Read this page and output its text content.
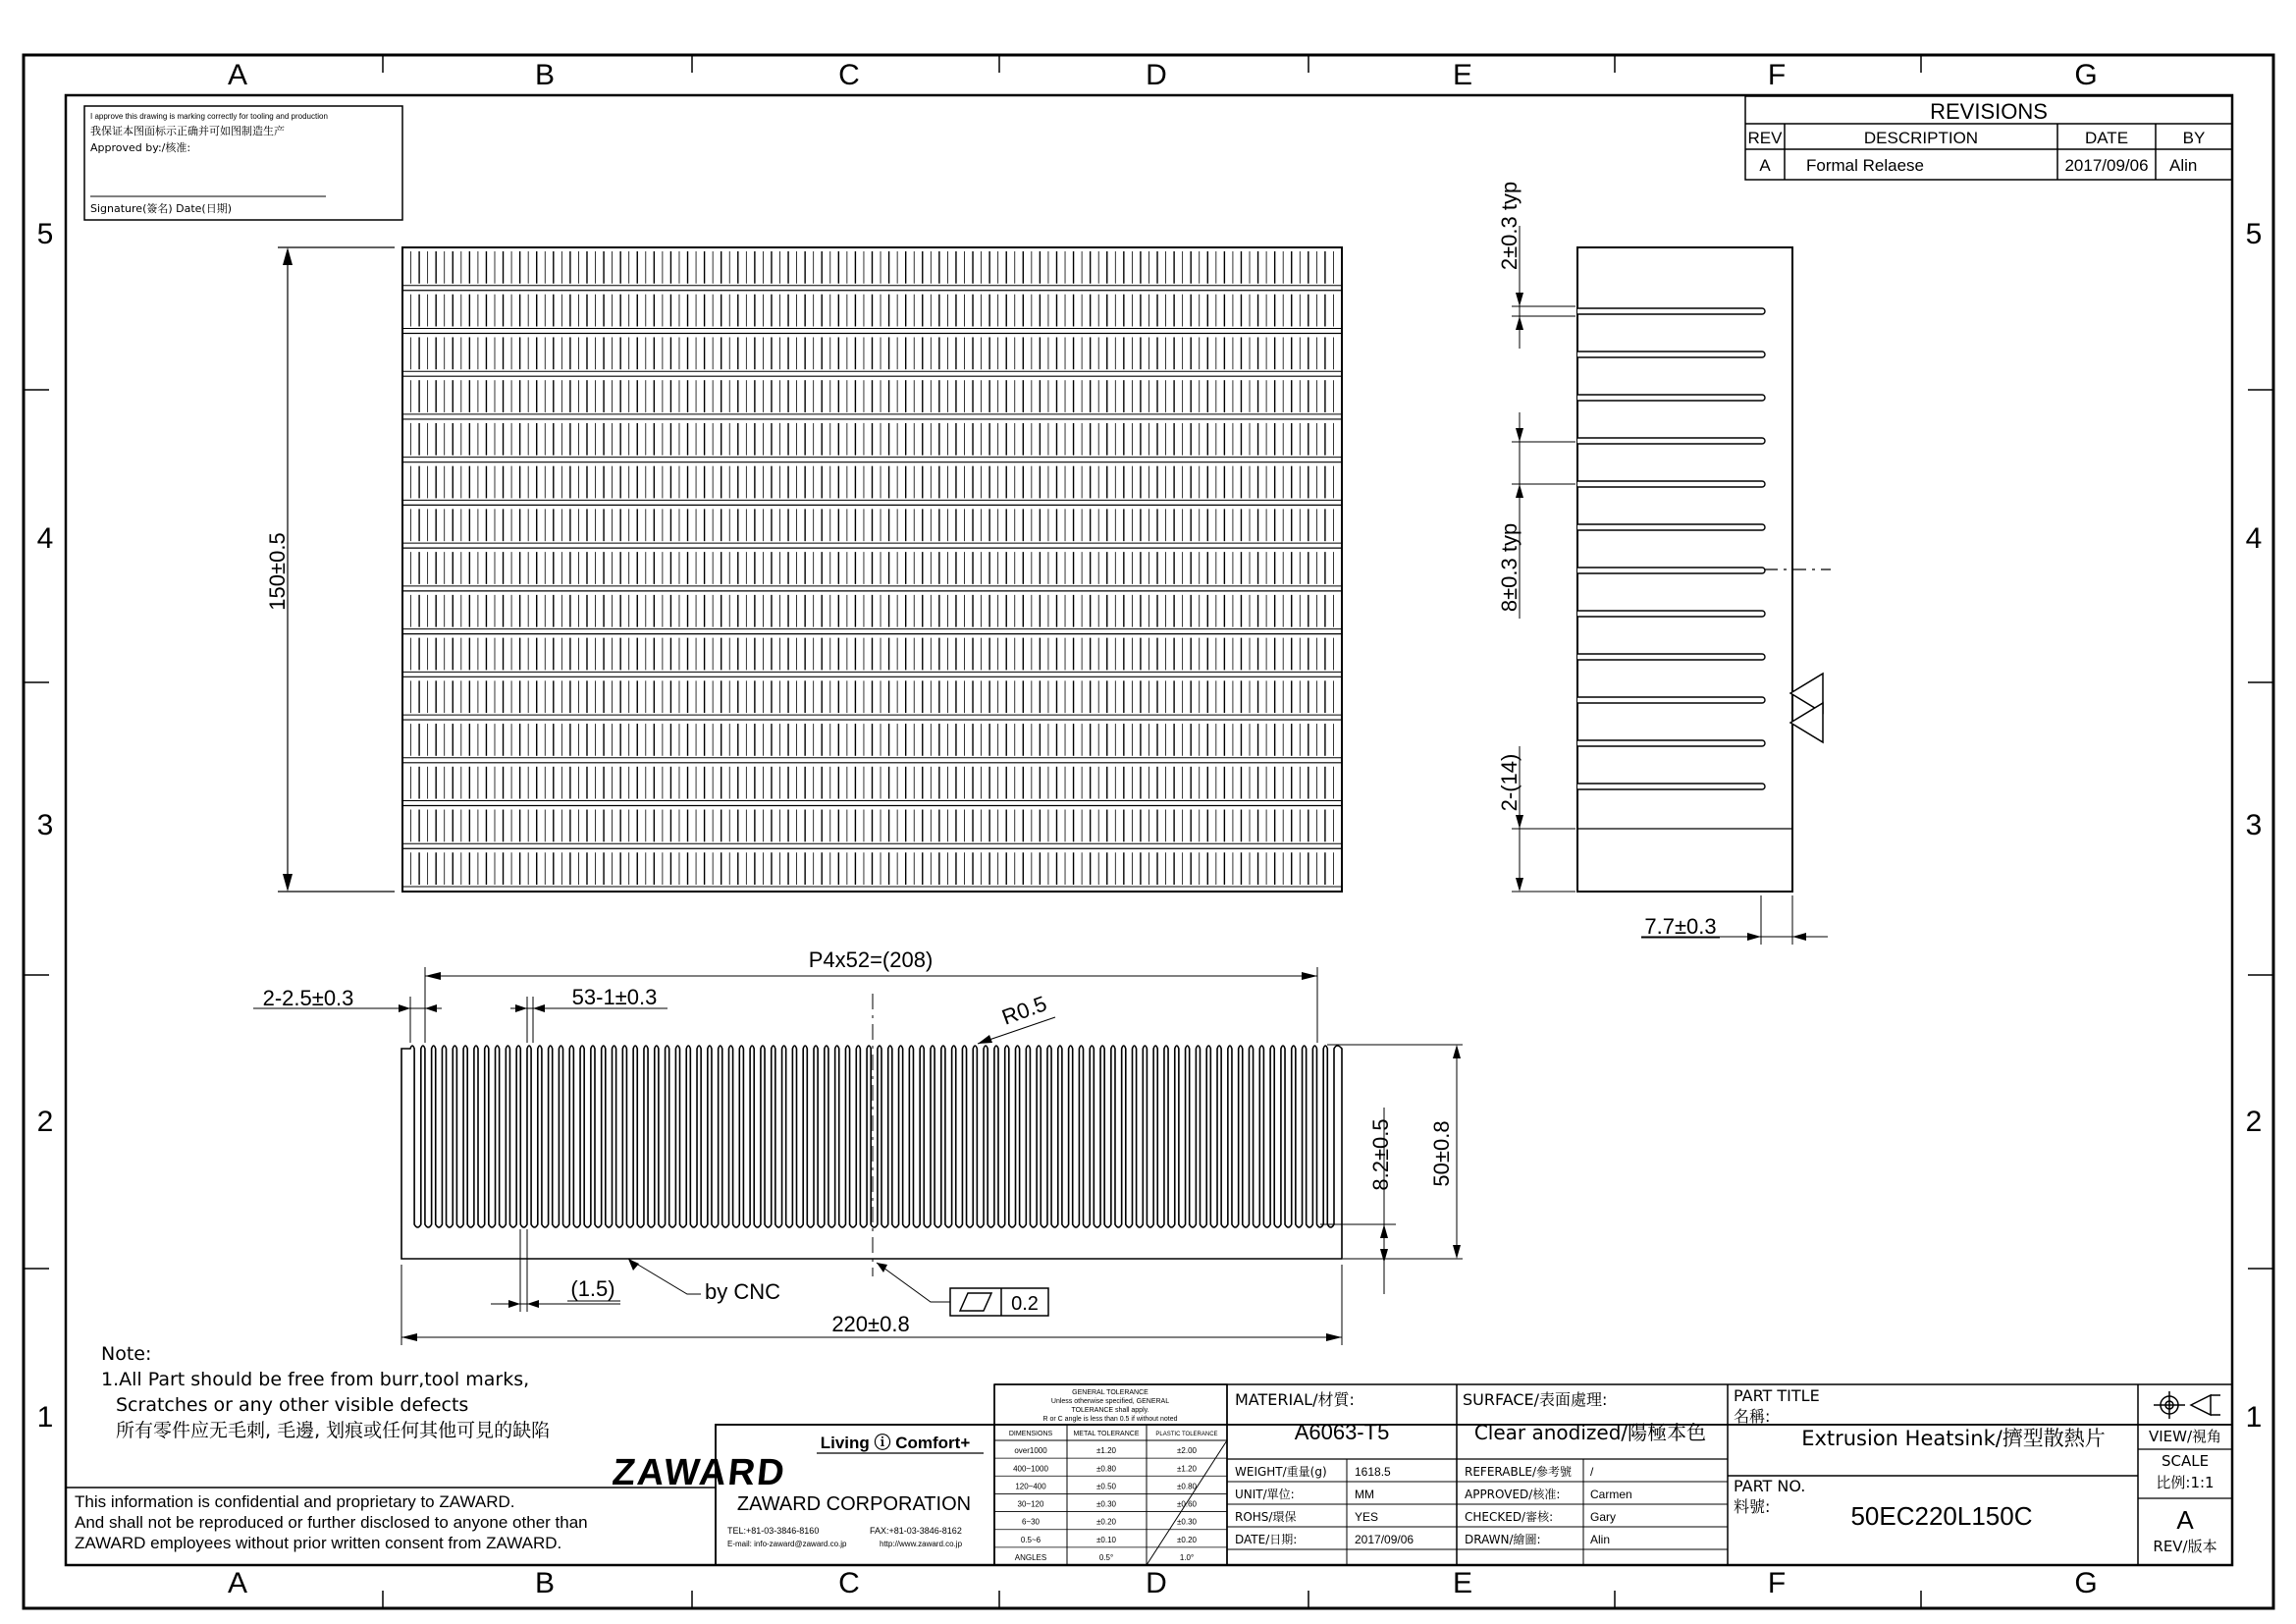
A
A
B
B
C
C
D
D
E
E
F
F
G
G
5	5
4	4
3	3
2	2
1	1
I approve this drawing is marking correctly for tooling and production
我保证本图面标示正确并可如图制造生产
Approved by:/核准:
Signature(簽名) Date(日期)
REVISIONS
REV	DESCRIPTION	DATE	BY
A Formal Relaese	2017/09/06 Alin
150±0.5
2±0.3 typ
8±0.3 typ
2-(14)
7.7±0.3
P4x52=(208)
2-2.5±0.3	53-1±0.3	R0.5
8.2±0.5 50±0.8
(1.5)	by CNC	0.2
220±0.8
Note:
1.All Part should be free from burr,tool marks,
Scratches or any other visible defects
所有零件应无毛刺, 毛邊, 划痕或任何其他可見的缺陷
This information is confidential and proprietary to ZAWARD.
And shall not be reproduced or further disclosed to anyone other than
ZAWARD employees without prior written consent from ZAWARD.
Living ⓘ Comfort+
ZAWARD
ZAWARD CORPORATION
TEL:+81-03-3846-8160	FAX:+81-03-3846-8162
E-mail: info-zaward@zaward.co.jp	http://www.zaward.co.jp
GENERAL TOLERANCE
Unless otherwise specified, GENERAL
TOLERANCE shall apply.
R or C angle is less than 0.5 if without noted
DIMENSIONS	METAL TOLERANCE	PLASTIC TOLERANCE
over1000	±1.20	±2.00
400~1000	±0.80	±1.20
120~400	±0.50	±0.80
30~120	±0.30	±0.60
6~30	±0.20	±0.30
0.5~6	±0.10	±0.20
ANGLES	0.5°	1.0°
MATERIAL/材質:
A6063-T5
SURFACE/表面處理:
Clear anodized/陽極本色
WEIGHT/重量(g) 1618.5
UNIT/單位:	MM
ROHS/環保	YES
DATE/日期:	2017/09/06
REFERABLE/參考號 /
APPROVED/核准:	Carmen
CHECKED/審核:	Gary
DRAWN/繪圖:	Alin
PART TITLE
名稱:
Extrusion Heatsink/擠型散熱片
PART NO.
料號:	50EC220L150C
VIEW/視角
SCALE
比例:1:1
A
REV/版本
